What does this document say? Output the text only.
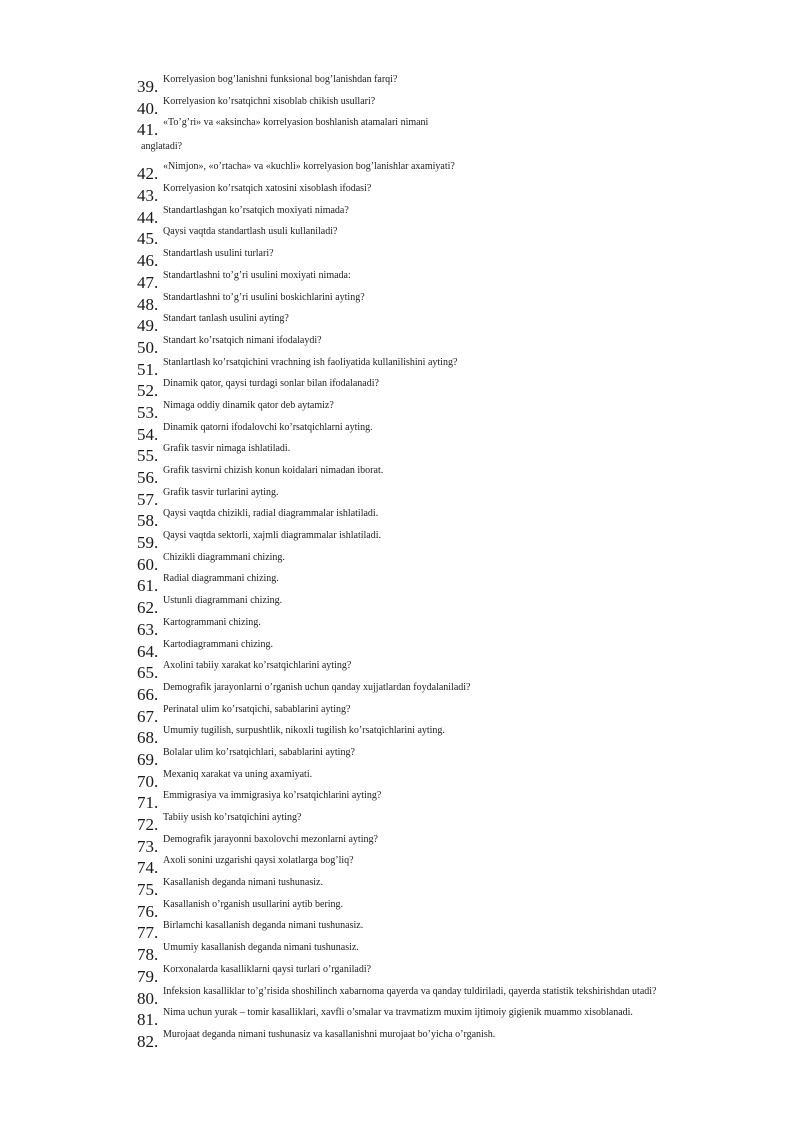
39. Korrelyasion bog’lanishni funksional bog’lanishdan farqi?
40. Korrelyasion ko’rsatqichni xisoblab chikish usullari?
41. «To’g’ri» va «aksincha» korrelyasion boshlanish atamalari nimani
anglatadi?
42. «Nimjon», «o’rtacha» va «kuchli» korrelyasion bog’lanishlar axamiyati?
43. Korrelyasion ko’rsatqich xatosini xisoblash ifodasi?
44. Standartlashgan ko’rsatqich moxiyati nimada?
45. Qaysi vaqtda standartlash usuli kullaniladi?
46. Standartlash usulini turlari?
47. Standartlashni to’g’ri usulini moxiyati nimada:
48. Standartlashni to’g’ri usulini boskichlarini ayting?
49. Standart tanlash usulini ayting?
50. Standart ko’rsatqich nimani ifodalaydi?
51. Stanlartlash ko’rsatqichini vrachning ish faoliyatida kullanilishini ayting?
52. Dinamik qator, qaysi turdagi sonlar bilan ifodalanadi?
53. Nimaga oddiy dinamik qator deb aytamiz?
54. Dinamik qatorni ifodalovchi ko’rsatqichlarni ayting.
55. Grafik tasvir nimaga ishlatiladi.
56. Grafik tasvirni chizish konun koidalari nimadan iborat.
57. Grafik tasvir turlarini ayting.
58. Qaysi vaqtda chizikli, radial diagrammalar ishlatiladi.
59. Qaysi vaqtda sektorli, xajmli diagrammalar ishlatiladi.
60. Chizikli diagrammani chizing.
61. Radial diagrammani chizing.
62. Ustunli diagrammani chizing.
63. Kartogrammani chizing.
64. Kartodiagrammani chizing.
65. Axolini tabiiy xarakat ko’rsatqichlarini ayting?
66. Demografik jarayonlarni o’rganish uchun qanday xujjatlardan foydalaniladi?
67. Perinatal ulim ko’rsatqichi, sabablarini ayting?
68. Umumiy tugilish, surpushtlik, nikoxli tugilish ko’rsatqichlarini ayting.
69. Bolalar ulim ko’rsatqichlari, sabablarini ayting?
70. Mexaniq xarakat va uning axamiyati.
71. Emmigrasiya va immigrasiya ko’rsatqichlarini ayting?
72. Tabiiy usish ko’rsatqichini ayting?
73. Demografik jarayonni baxolovchi mezonlarni ayting?
74. Axoli sonini uzgarishi qaysi xolatlarga bog’liq?
75. Kasallanish deganda nimani tushunasiz.
76. Kasallanish o’rganish usullarini aytib bering.
77. Birlamchi kasallanish deganda nimani tushunasiz.
78. Umumiy kasallanish deganda nimani tushunasiz.
79. Korxonalarda kasalliklarni qaysi turlari o’rganiladi?
80. Infeksion kasalliklar to’g’risida shoshilinch xabarnoma qayerda va qanday tuldiriladi, qayerda statistik tekshirishdan utadi?
81. Nima uchun yurak – tomir kasalliklari, xavfli o’smalar va travmatizm muxim ijtimoiy gigienik muammo xisoblanadi.
82. Murojaat deganda nimani tushunasiz va kasallanishni murojaat bo’yicha o’rganish.
